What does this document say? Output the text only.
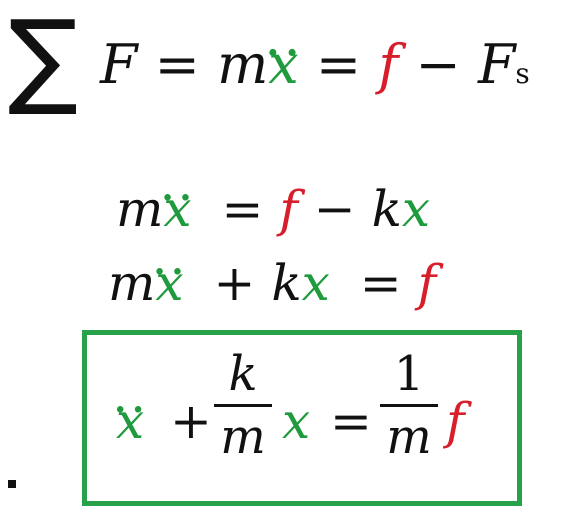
∑ F = m.. x = f − Fs
m.. x = f − kx
m.. x + kx = f
.. x +
k
m x =
1
m f
